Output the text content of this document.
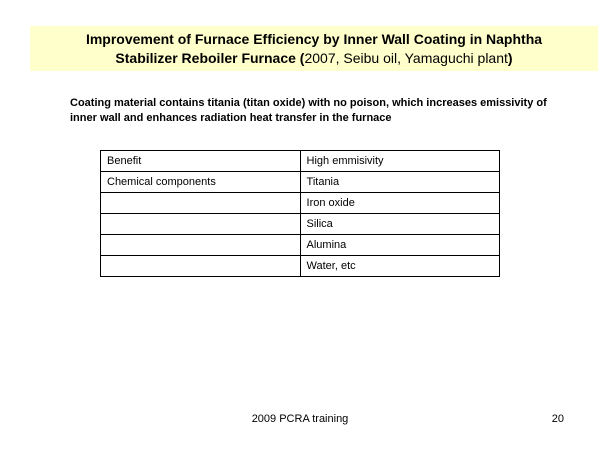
Improvement of Furnace Efficiency by Inner Wall Coating in Naphtha
Stabilizer Reboiler Furnace (2007, Seibu oil, Yamaguchi plant)
Coating material contains titania (titan oxide) with no poison, which increases emissivity of inner wall and enhances radiation heat transfer in the furnace
Benefit	High emmisivity
Chemical components	Titania
	Iron oxide
	Silica
	Alumina
	Water, etc
2009 PCRA training	20
